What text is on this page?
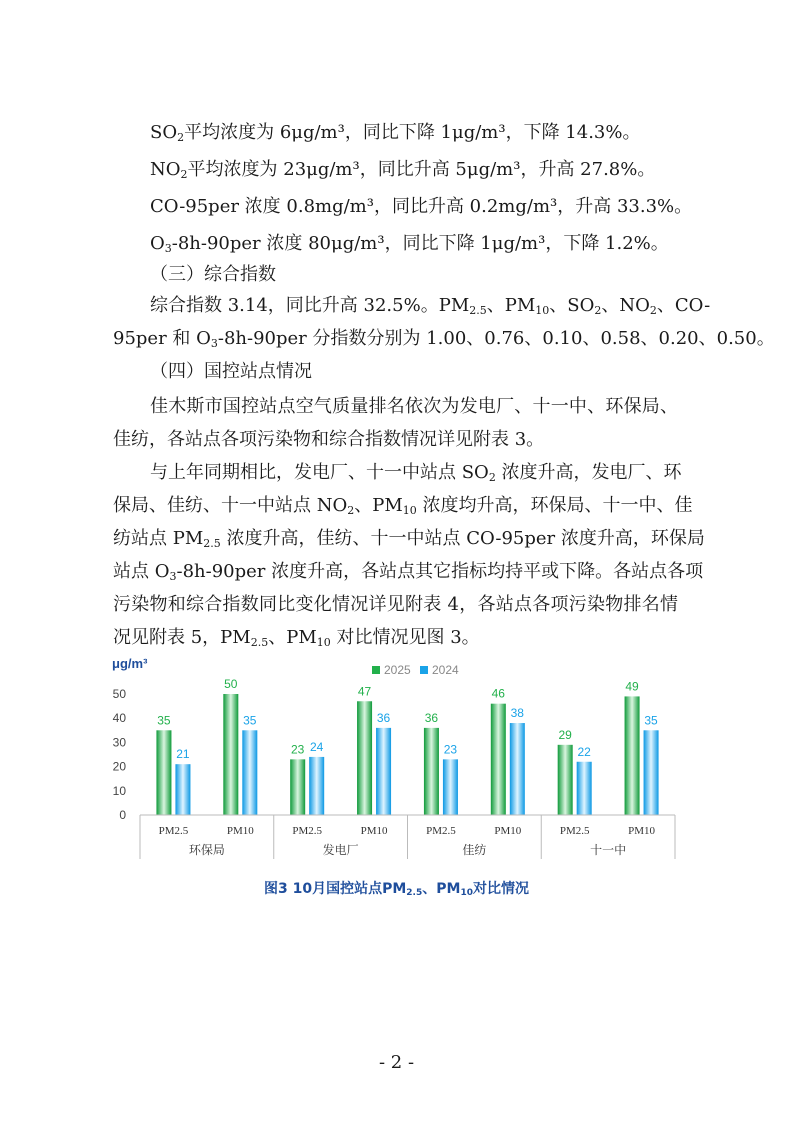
$SO_2$平均浓度为 6μg/m³，同比下降 1μg/m³，下降 14.3%。
$NO_2$平均浓度为 23μg/m³，同比升高 5μg/m³，升高 27.8%。
CO-95per 浓度 0.8mg/m³，同比升高 0.2mg/m³，升高 33.3%。
$O_3-8h-90per$ 浓度 80μg/m³，同比下降 1μg/m³，下降 1.2%。
（三）综合指数
综合指数 3.14，同比升高 32.5%。$PM_{2.5}$、$PM_{10}$、$SO_2$、$NO_2$、CO-
95per 和 $O_3-8h-90per$ 分指数分别为 1.00、0.76、0.10、0.58、0.20、0.50。
（四）国控站点情况
佳木斯市国控站点空气质量排名依次为发电厂、十一中、环保局、
佳纺，各站点各项污染物和综合指数情况详见附表 3。
与上年同期相比，发电厂、十一中站点 $SO_2$ 浓度升高，发电厂、环
保局、佳纺、十一中站点 $NO_2$、$PM_{10}$ 浓度均升高，环保局、十一中、佳
纺站点 $PM_{2.5}$ 浓度升高，佳纺、十一中站点 CO-95per 浓度升高，环保局
站点 $O_3-8h-90per$ 浓度升高，各站点其它指标均持平或下降。各站点各项
污染物和综合指数同比变化情况详见附表 4，各站点各项污染物排名情
况见附表 5，$PM_{2.5}$、$PM_{10}$ 对比情况见图 3。
μg/m³	2025 2024
0
10
20
30
40
50
35
21
50
35
23 24
47
36	36
23
46
38
29
22
49
35
PM2.5	PM10	PM2.5	PM10	PM2.5	PM10	PM2.5	PM10
环保局	发电厂	佳纺	十一中
图3 10月国控站点$PM_{2.5}$、$PM_{10}$对比情况
- 2 -
